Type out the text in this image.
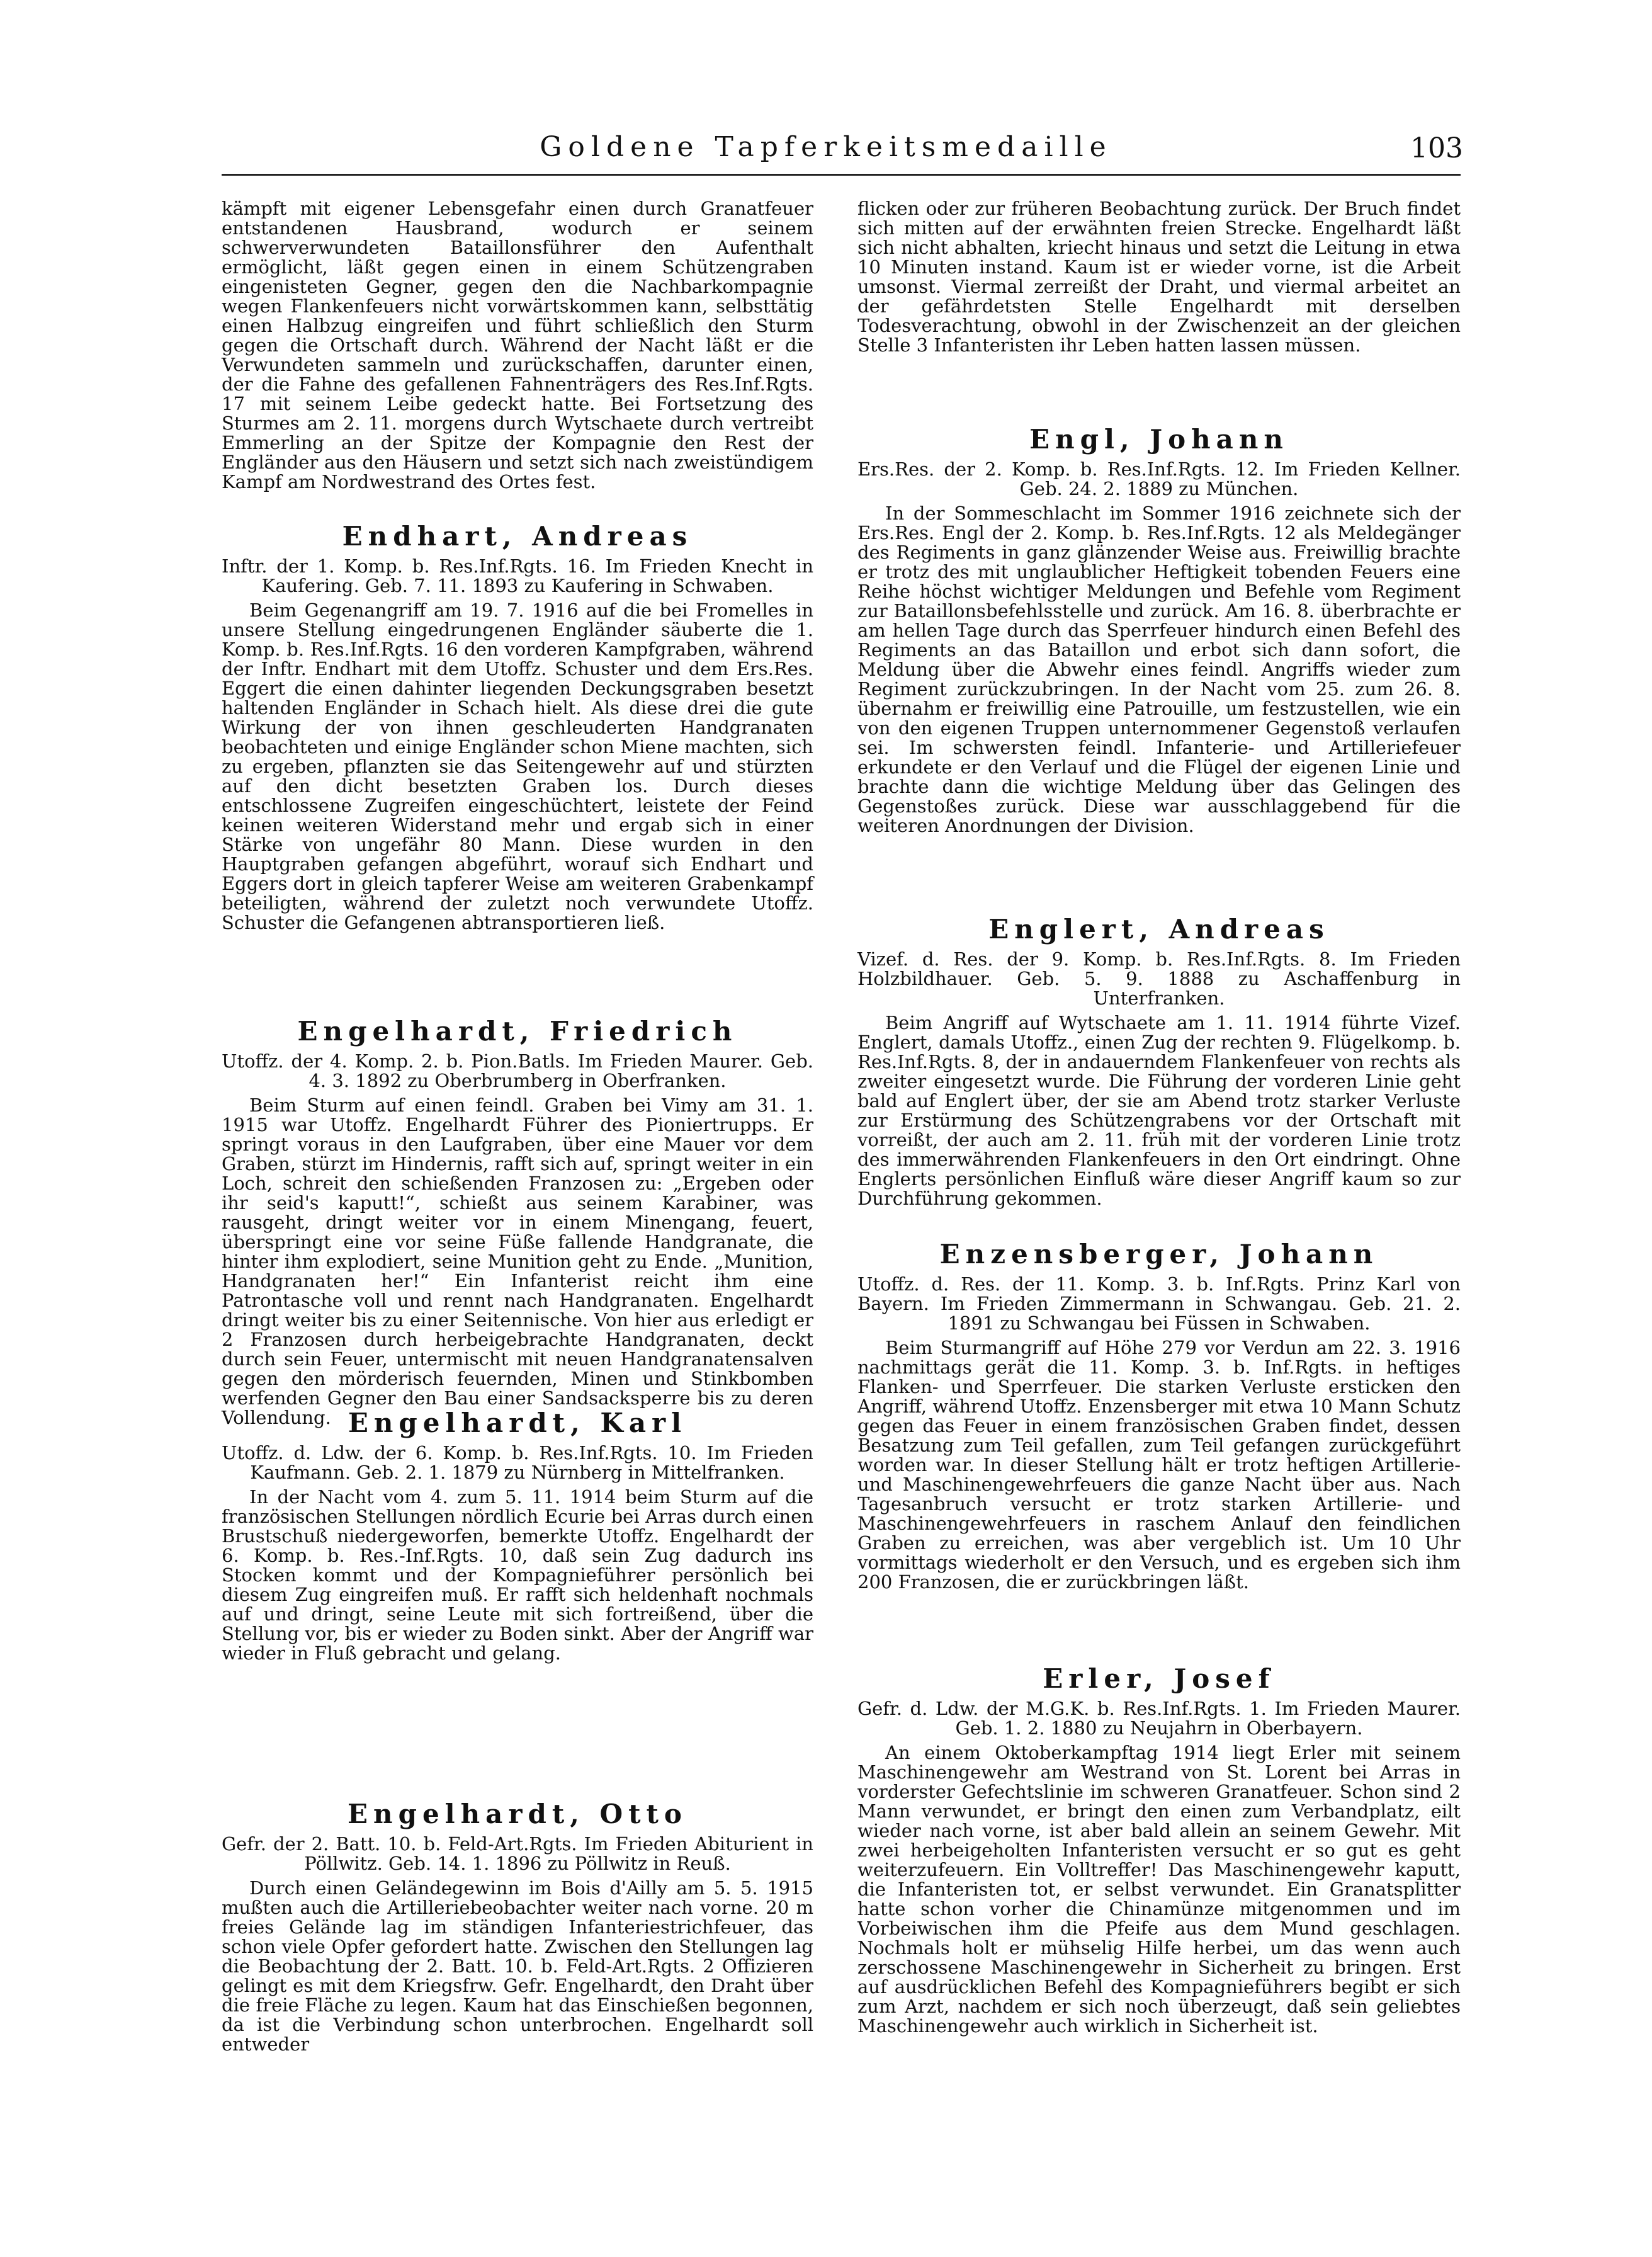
Goldene Tapferkeitsmedaille	103

kämpft mit eigener Lebensgefahr einen durch Granatfeuer entstandenen Hausbrand, wodurch er seinem schwerverwundeten Bataillonsführer den Aufenthalt ermöglicht, läßt gegen einen in einem Schützengraben eingenisteten Gegner, gegen den die Nachbarkompagnie wegen Flankenfeuers nicht vorwärtskommen kann, selbsttätig einen Halbzug eingreifen und führt schließlich den Sturm gegen die Ortschaft durch. Während der Nacht läßt er die Verwundeten sammeln und zurückschaffen, darunter einen, der die Fahne des gefallenen Fahnenträgers des Res.Inf.Rgts. 17 mit seinem Leibe gedeckt hatte. Bei Fortsetzung des Sturmes am 2. 11. morgens durch Wytschaete durch vertreibt Emmerling an der Spitze der Kompagnie den Rest der Engländer aus den Häusern und setzt sich nach zweistündigem Kampf am Nordwestrand des Ortes fest.

Endhart, Andreas

Inftr. der 1. Komp. b. Res.Inf.Rgts. 16. Im Frieden Knecht in Kaufering. Geb. 7. 11. 1893 zu Kaufering in Schwaben.

Beim Gegenangriff am 19. 7. 1916 auf die bei Fromelles in unsere Stellung eingedrungenen Engländer säuberte die 1. Komp. b. Res.Inf.Rgts. 16 den vorderen Kampfgraben, während der Inftr. Endhart mit dem Utoffz. Schuster und dem Ers.Res. Eggert die einen dahinter liegenden Deckungsgraben besetzt haltenden Engländer in Schach hielt. Als diese drei die gute Wirkung der von ihnen geschleuderten Handgranaten beobachteten und einige Engländer schon Miene machten, sich zu ergeben, pflanzten sie das Seitengewehr auf und stürzten auf den dicht besetzten Graben los. Durch dieses entschlossene Zugreifen eingeschüchtert, leistete der Feind keinen weiteren Widerstand mehr und ergab sich in einer Stärke von ungefähr 80 Mann. Diese wurden in den Hauptgraben gefangen abgeführt, worauf sich Endhart und Eggers dort in gleich tapferer Weise am weiteren Grabenkampf beteiligten, während der zuletzt noch verwundete Utoffz. Schuster die Gefangenen abtransportieren ließ.

Engelhardt, Friedrich

Utoffz. der 4. Komp. 2. b. Pion.Batls. Im Frieden Maurer. Geb. 4. 3. 1892 zu Oberbrumberg in Oberfranken.

Beim Sturm auf einen feindl. Graben bei Vimy am 31. 1. 1915 war Utoffz. Engelhardt Führer des Pioniertrupps. Er springt voraus in den Laufgraben, über eine Mauer vor dem Graben, stürzt im Hindernis, rafft sich auf, springt weiter in ein Loch, schreit den schießenden Franzosen zu: „Ergeben oder ihr seid's kaputt!“, schießt aus seinem Karabiner, was rausgeht, dringt weiter vor in einem Minengang, feuert, überspringt eine vor seine Füße fallende Handgranate, die hinter ihm explodiert, seine Munition geht zu Ende. „Munition, Handgranaten her!“ Ein Infanterist reicht ihm eine Patrontasche voll und rennt nach Handgranaten. Engelhardt dringt weiter bis zu einer Seitennische. Von hier aus erledigt er 2 Franzosen durch herbeigebrachte Handgranaten, deckt durch sein Feuer, untermischt mit neuen Handgranatensalven gegen den mörderisch feuernden, Minen und Stinkbomben werfenden Gegner den Bau einer Sandsacksperre bis zu deren Vollendung. Engelhardt, Karl

Utoffz. d. Ldw. der 6. Komp. b. Res.Inf.Rgts. 10. Im Frieden Kaufmann. Geb. 2. 1. 1879 zu Nürnberg in Mittelfranken.

In der Nacht vom 4. zum 5. 11. 1914 beim Sturm auf die französischen Stellungen nördlich Ecurie bei Arras durch einen Brustschuß niedergeworfen, bemerkte Utoffz. Engelhardt der 6. Komp. b. Res.-Inf.Rgts. 10, daß sein Zug dadurch ins Stocken kommt und der Kompagnieführer persönlich bei diesem Zug eingreifen muß. Er rafft sich heldenhaft nochmals auf und dringt, seine Leute mit sich fortreißend, über die Stellung vor, bis er wieder zu Boden sinkt. Aber der Angriff war wieder in Fluß gebracht und gelang.

Engelhardt, Otto

Gefr. der 2. Batt. 10. b. Feld-Art.Rgts. Im Frieden Abiturient in Pöllwitz. Geb. 14. 1. 1896 zu Pöllwitz in Reuß.

Durch einen Geländegewinn im Bois d'Ailly am 5. 5. 1915 mußten auch die Artilleriebeobachter weiter nach vorne. 20 m freies Gelände lag im ständigen Infanteriestrichfeuer, das schon viele Opfer gefordert hatte. Zwischen den Stellungen lag die Beobachtung der 2. Batt. 10. b. Feld-Art.Rgts. 2 Offizieren gelingt es mit dem Kriegsfrw. Gefr. Engelhardt, den Draht über die freie Fläche zu legen. Kaum hat das Einschießen begonnen, da ist die Verbindung schon unterbrochen. Engelhardt soll entweder

flicken oder zur früheren Beobachtung zurück. Der Bruch findet sich mitten auf der erwähnten freien Strecke. Engelhardt läßt sich nicht abhalten, kriecht hinaus und setzt die Leitung in etwa 10 Minuten instand. Kaum ist er wieder vorne, ist die Arbeit umsonst. Viermal zerreißt der Draht, und viermal arbeitet an der gefährdetsten Stelle Engelhardt mit derselben Todesverachtung, obwohl in der Zwischenzeit an der gleichen Stelle 3 Infanteristen ihr Leben hatten lassen müssen.

Engl, Johann

Ers.Res. der 2. Komp. b. Res.Inf.Rgts. 12. Im Frieden Kellner. Geb. 24. 2. 1889 zu München.

In der Sommeschlacht im Sommer 1916 zeichnete sich der Ers.Res. Engl der 2. Komp. b. Res.Inf.Rgts. 12 als Meldegänger des Regiments in ganz glänzender Weise aus. Freiwillig brachte er trotz des mit unglaublicher Heftigkeit tobenden Feuers eine Reihe höchst wichtiger Meldungen und Befehle vom Regiment zur Bataillonsbefehlsstelle und zurück. Am 16. 8. überbrachte er am hellen Tage durch das Sperrfeuer hindurch einen Befehl des Regiments an das Bataillon und erbot sich dann sofort, die Meldung über die Abwehr eines feindl. Angriffs wieder zum Regiment zurückzubringen. In der Nacht vom 25. zum 26. 8. übernahm er freiwillig eine Patrouille, um festzustellen, wie ein von den eigenen Truppen unternommener Gegenstoß verlaufen sei. Im schwersten feindl. Infanterie- und Artilleriefeuer erkundete er den Verlauf und die Flügel der eigenen Linie und brachte dann die wichtige Meldung über das Gelingen des Gegenstoßes zurück. Diese war ausschlaggebend für die weiteren Anordnungen der Division.

Englert, Andreas

Vizef. d. Res. der 9. Komp. b. Res.Inf.Rgts. 8. Im Frieden Holzbildhauer. Geb. 5. 9. 1888 zu Aschaffenburg in Unterfranken.

Beim Angriff auf Wytschaete am 1. 11. 1914 führte Vizef. Englert, damals Utoffz., einen Zug der rechten 9. Flügelkomp. b. Res.Inf.Rgts. 8, der in andauerndem Flankenfeuer von rechts als zweiter eingesetzt wurde. Die Führung der vorderen Linie geht bald auf Englert über, der sie am Abend trotz starker Verluste zur Erstürmung des Schützengrabens vor der Ortschaft mit vorreißt, der auch am 2. 11. früh mit der vorderen Linie trotz des immerwährenden Flankenfeuers in den Ort eindringt. Ohne Englerts persönlichen Einfluß wäre dieser Angriff kaum so zur Durchführung gekommen.

Enzensberger, Johann

Utoffz. d. Res. der 11. Komp. 3. b. Inf.Rgts. Prinz Karl von Bayern. Im Frieden Zimmermann in Schwangau. Geb. 21. 2. 1891 zu Schwangau bei Füssen in Schwaben.

Beim Sturmangriff auf Höhe 279 vor Verdun am 22. 3. 1916 nachmittags gerät die 11. Komp. 3. b. Inf.Rgts. in heftiges Flanken- und Sperrfeuer. Die starken Verluste ersticken den Angriff, während Utoffz. Enzensberger mit etwa 10 Mann Schutz gegen das Feuer in einem französischen Graben findet, dessen Besatzung zum Teil gefallen, zum Teil gefangen zurückgeführt worden war. In dieser Stellung hält er trotz heftigen Artillerie- und Maschinengewehrfeuers die ganze Nacht über aus. Nach Tagesanbruch versucht er trotz starken Artillerie- und Maschinengewehrfeuers in raschem Anlauf den feindlichen Graben zu erreichen, was aber vergeblich ist. Um 10 Uhr vormittags wiederholt er den Versuch, und es ergeben sich ihm 200 Franzosen, die er zurückbringen läßt.

Erler, Josef

Gefr. d. Ldw. der M.G.K. b. Res.Inf.Rgts. 1. Im Frieden Maurer. Geb. 1. 2. 1880 zu Neujahrn in Oberbayern.

An einem Oktoberkampftag 1914 liegt Erler mit seinem Maschinengewehr am Westrand von St. Lorent bei Arras in vorderster Gefechtslinie im schweren Granatfeuer. Schon sind 2 Mann verwundet, er bringt den einen zum Verbandplatz, eilt wieder nach vorne, ist aber bald allein an seinem Gewehr. Mit zwei herbeigeholten Infanteristen versucht er so gut es geht weiterzufeuern. Ein Volltreffer! Das Maschinengewehr kaputt, die Infanteristen tot, er selbst verwundet. Ein Granatsplitter hatte schon vorher die Chinamünze mitgenommen und im Vorbeiwischen ihm die Pfeife aus dem Mund geschlagen. Nochmals holt er mühselig Hilfe herbei, um das wenn auch zerschossene Maschinengewehr in Sicherheit zu bringen. Erst auf ausdrücklichen Befehl des Kompagnieführers begibt er sich zum Arzt, nachdem er sich noch überzeugt, daß sein geliebtes Maschinengewehr auch wirklich in Sicherheit ist.
